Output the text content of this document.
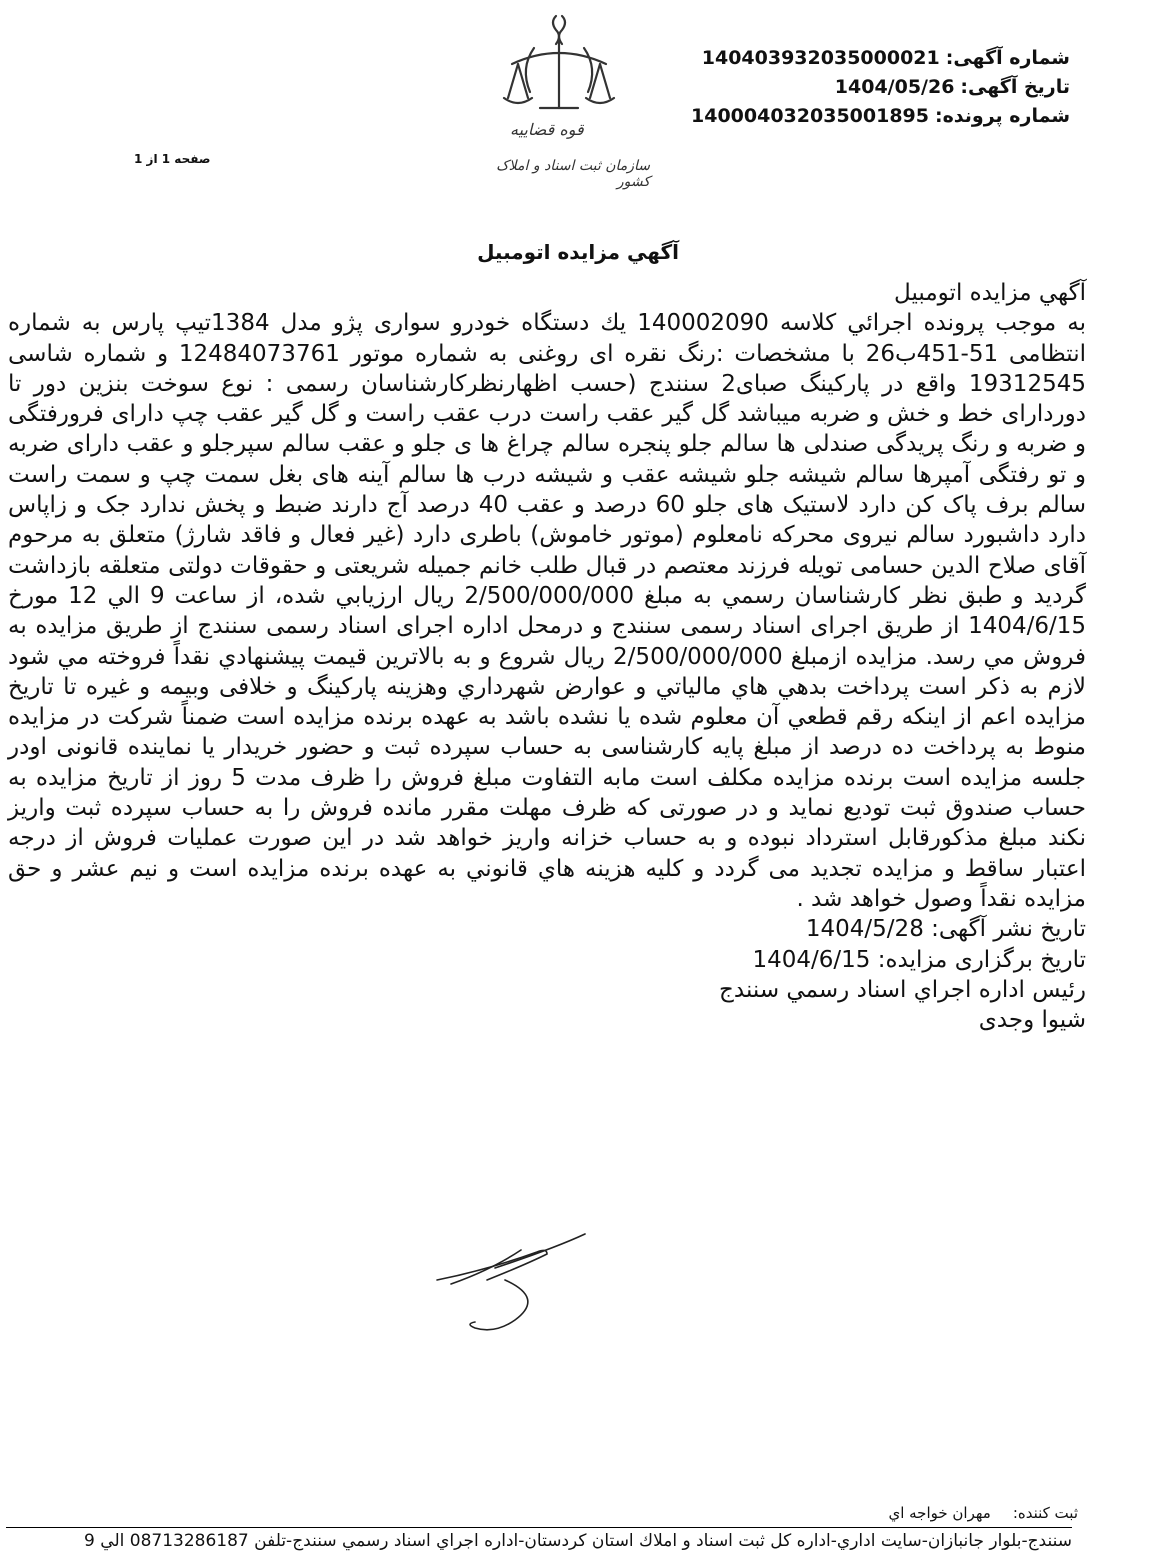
شماره آگهی:140403932035000021
تاریخ آگهی:1404/05/26
شماره پرونده:140004032035001895
صفحه 1 از 1
قوه قضاییه
سازمان ثبت اسناد و املاک کشور
آگهي مزايده اتومبيل

آگهي مزايده اتومبيل

به موجب پرونده اجرائي كلاسه 140002090 يك دستگاه خودرو سواری پژو مدل 1384تیپ پارس به شماره انتظامی 51-451ب26 با مشخصات :رنگ نقره ای روغنی به شماره موتور 12484073761 و شماره شاسی 19312545 واقع در پارکینگ صبای2 سنندج (حسب اظهارنظرکارشناسان رسمی : نوع سوخت بنزین دور تا دوردارای خط و خش و ضربه میباشد گل گیر عقب راست درب عقب راست و گل گیر عقب چپ دارای فرورفتگی و ضربه و رنگ پریدگی صندلی ها سالم جلو پنجره سالم چراغ ها ی جلو و عقب سالم سپرجلو و عقب دارای ضربه و تو رفتگی آمپرها سالم شیشه جلو شیشه عقب و شیشه درب ها سالم آینه های بغل سمت چپ و سمت راست سالم برف پاک کن دارد لاستیک های جلو 60 درصد و عقب 40 درصد آج دارند ضبط و پخش ندارد جک و زاپاس دارد داشبورد سالم نیروی محرکه نامعلوم (موتور خاموش) باطری دارد (غیر فعال و فاقد شارژ) متعلق به مرحوم آقای صلاح الدین حسامی تویله فرزند معتصم در قبال طلب خانم جمیله شریعتی و حقوقات دولتی متعلقه بازداشت گردید و طبق نظر كارشناسان رسمي به مبلغ 2/500/000/000 ريال ارزيابي شده، از ساعت 9 الي 12 مورخ 1404/6/15 از طريق اجرای اسناد رسمی سنندج و درمحل اداره اجرای اسناد رسمی سنندج از طريق مزايده به فروش مي رسد. مزايده ازمبلغ 2/500/000/000 ريال شروع و به بالاترين قيمت پيشنهادي نقداً فروخته مي شود لازم به ذكر است پرداخت بدهي هاي مالياتي و عوارض شهرداري وهزينه پاركينگ و خلافی وبيمه و غيره تا تاريخ مزايده اعم از اينكه رقم قطعي آن معلوم شده يا نشده باشد به عهده برنده مزايده است ضمناً شركت در مزايده منوط به پرداخت ده درصد از مبلغ پايه كارشناسی به حساب سپرده ثبت و حضور خريدار يا نماينده قانونی اودر جلسه مزايده است برنده مزايده مكلف است مابه التفاوت مبلغ فروش را ظرف مدت 5 روز از تاريخ مزايده به حساب صندوق ثبت توديع نمايد و در صورتی كه ظرف مهلت مقرر مانده فروش را به حساب سپرده ثبت واريز نكند مبلغ مذكورقابل استرداد نبوده و به حساب خزانه واريز خواهد شد در اين صورت عمليات فروش از درجه اعتبار ساقط و مزايده تجديد می گردد و كليه هزينه هاي قانوني به عهده برنده مزايده است و نيم عشر و حق مزايده نقداً وصول خواهد شد .

تاريخ نشر آگهی: 1404/5/28

تاريخ برگزاری مزايده: 1404/6/15

رئيس اداره اجراي اسناد رسمي سنندج

شيوا وجدی

ثبت کننده:مهران خواجه اي
سنندج-بلوار جانبازان-سایت اداري-اداره كل ثبت اسناد و املاك استان كردستان-اداره اجراي اسناد رسمي سنندج-تلفن 08713286187 الي 9
